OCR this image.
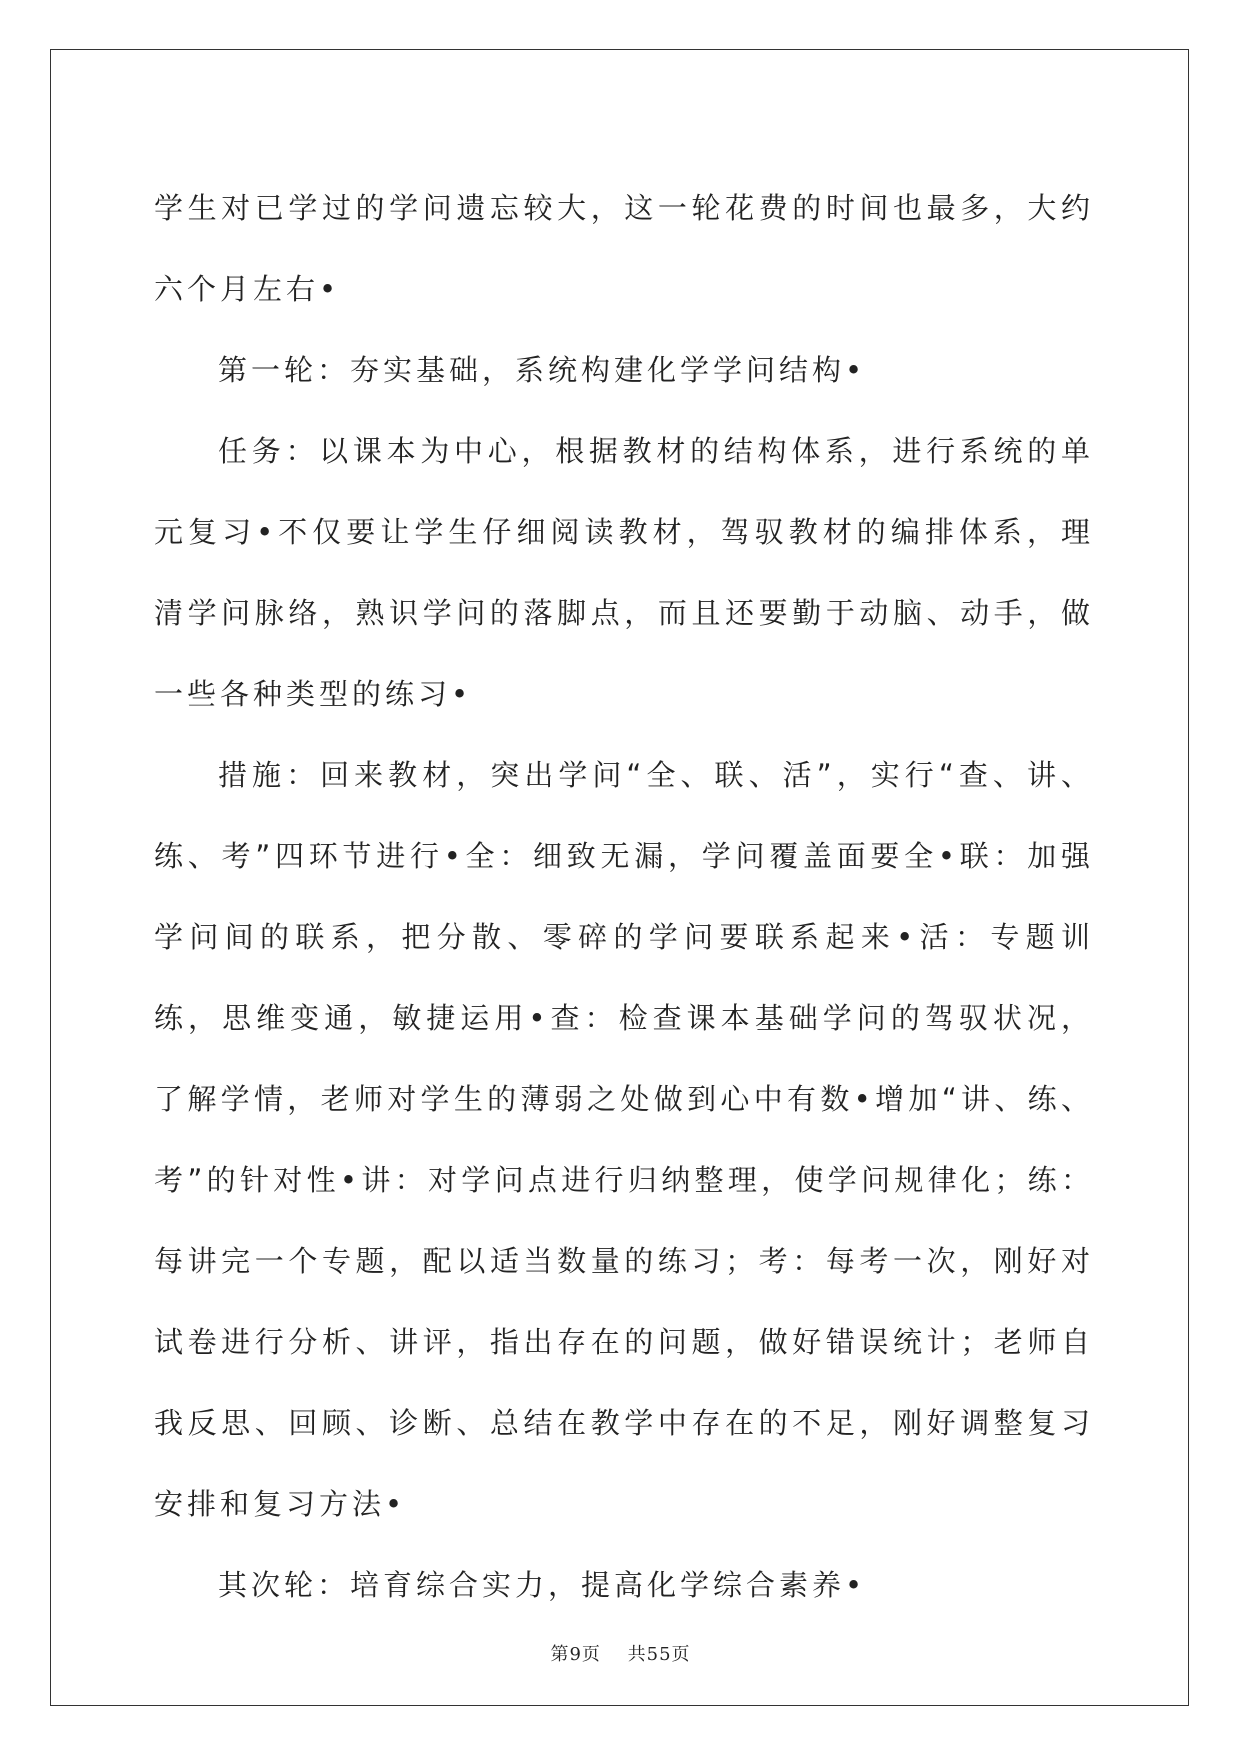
学生对已学过的学问遗忘较大，这一轮花费的时间也最多，大约六个月左右•

第一轮：夯实基础，系统构建化学学问结构•

任务：以课本为中心，根据教材的结构体系，进行系统的单元复习•不仅要让学生仔细阅读教材，驾驭教材的编排体系，理清学问脉络，熟识学问的落脚点，而且还要勤于动脑、动手，做一些各种类型的练习•

措施：回来教材，突出学问“全、联、活”，实行“查、讲、练、考”四环节进行•全：细致无漏，学问覆盖面要全•联：加强学问间的联系，把分散、零碎的学问要联系起来•活：专题训练，思维变通，敏捷运用•查：检查课本基础学问的驾驭状况，了解学情，老师对学生的薄弱之处做到心中有数•增加“讲、练、考”的针对性•讲：对学问点进行归纳整理，使学问规律化；练：每讲完一个专题，配以适当数量的练习；考：每考一次，刚好对试卷进行分析、讲评，指出存在的问题，做好错误统计；老师自我反思、回顾、诊断、总结在教学中存在的不足，刚好调整复习安排和复习方法•

其次轮：培育综合实力，提高化学综合素养•

第9页 共55页
